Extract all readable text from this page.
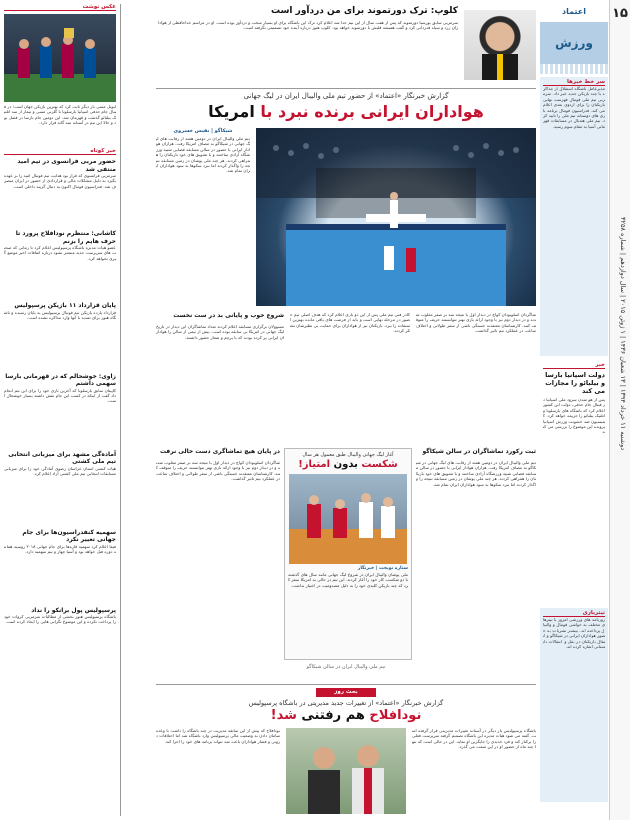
۱۵
دوشنبه ۱۱ خرداد ۱۳۹۴ | ۱۳ شعبان ۱۴۳۶ | ۱ ژوئن ۲۰۱۵ | سال دوازدهم | شماره ۳۲۵۸
اعتماد
ورزش
سر خط خبرها
مدیرعامل باشگاه استقلال از مذاکره با چند بازیکن جدید خبر داد. سرمربی تیم ملی فوتبال فهرست نهایی بازیکنان را برای اردوی بعدی اعلام می کند. فدراسیون فوتبال برنامه بازی های دوستانه تیم ملی را تایید کرد. تیم ملی هندبال در مسابقات قهرمانی آسیا به مقام سوم رسید.
خبر
دولت اسپانیا بارسا و بیلبائو را مجازات می کند
پس از هو شدن سرود ملی اسپانیا در فینال جام حذفی، دولت این کشور اعلام کرد که باشگاه های بارسلونا و اتلتیک بیلبائو را جریمه خواهد کرد. کمیسیون ضد خشونت ورزش اسپانیا پرونده این موضوع را بررسی می کند.
تیتربازی
روزنامه های ورزشی امروز با تیترهای مختلف به حواشی فوتبال و والیبال پرداخته اند. بیشتر نشریات به حضور هواداران ایرانی در شیکاگو و انتقال بازیکنان در نقل و انتقالات تابستانی اشاره کرده اند.
کلوپ: ترک دورتموند برای من دردآور است
سرمربی سابق بورسیا دورتموند که پس از هفت سال از این تیم جدا شد اعلام کرد ترک این باشگاه برای او بسیار سخت و دردآور بوده است. او در مراسم خداحافظی از هواداران زرد و سیاه قدردانی کرد و گفت همیشه قلبش با دورتموند خواهد بود. کلوپ هنوز درباره آینده خود تصمیمی نگرفته است.
گزارش خبرنگار «اعتماد» از حضور تیم ملی والیبال ایران در لیگ جهانی
هواداران ایرانی برنده نبرد با امریکا
شیکاگو | نفیس خسروی
تیم ملی والیبال ایران در دومین هفته از رقابت های لیگ جهانی در شیکاگو به مصاف امریکا رفت. هزاران هوادار ایرانی با حضور در سالن مسابقه فضایی شبیه ورزشگاه آزادی ساختند و با تشویق های خود بازیکنان را همراهی کردند. هر چند ملی پوشان در زمین مسابقه نتیجه را واگذار کردند اما نبرد سکوها به سود هواداران ایران تمام شد.
شاگردان اسلوبودان کواچ در دیدار اول با نتیجه سه بر صفر مغلوب شدند و در دیدار دوم نیز با وجود ارائه بازی بهتر نتوانستند حریف را متوقف کنند. کارشناسان معتقدند خستگی ناشی از سفر طولانی و اختلاف ساعت در عملکرد تیم تاثیر گذاشت.
کادر فنی تیم ملی پس از این دو بازی اعلام کرد که هدف اصلی تیم حضور در مرحله نهایی است و باید از فرصت های باقی مانده بهترین استفاده را ببرد. بازیکنان نیز از هواداران برای حمایت بی نظیرشان تشکر کردند.
شروع خوب و پایانی بد در ست نخست
مسوولان برگزاری مسابقه اعلام کردند تعداد تماشاگران این دیدار در تاریخ لیگ جهانی در امریکا بی سابقه بوده است. بیش از نیمی از سالن را هواداران ایرانی پر کرده بودند که با پرچم و شعار حضور داشتند.
آغاز لیگ جهانی والیبال طبق معمول هر سال
شکست بدون امتیاز!
ستاره نوبخت | خبرنگار
ملی پوشان والیبال ایران در شروع لیگ جهانی مانند سال های گذشته با دو شکست کار خود را آغاز کردند. این تیم در حالی به امریکا سفر کرد که چند بازیکن کلیدی خود را به دلیل مصدومیت در اختیار نداشت.
ثبت رکورد تماشاگران در سالن شیکاگو
تیم ملی والیبال ایران در دومین هفته از رقابت های لیگ جهانی در شیکاگو به مصاف امریکا رفت. هزاران هوادار ایرانی با حضور در سالن مسابقه فضایی شبیه ورزشگاه آزادی ساختند و با تشویق های خود بازیکنان را همراهی کردند. هر چند ملی پوشان در زمین مسابقه نتیجه را واگذار کردند اما نبرد سکوها به سود هواداران ایران تمام شد.
در پایان هیچ تماشاگری دست خالی نرفت
شاگردان اسلوبودان کواچ در دیدار اول با نتیجه سه بر صفر مغلوب شدند و در دیدار دوم نیز با وجود ارائه بازی بهتر نتوانستند حریف را متوقف کنند. کارشناسان معتقدند خستگی ناشی از سفر طولانی و اختلاف ساعت در عملکرد تیم تاثیر گذاشت.
تیم ملی والیبال ایران در سالن شیکاگو
بحث روز
گزارش خبرنگار «اعتماد» از تغییرات جدید مدیریتی در باشگاه پرسپولیس
نودافلاح هم رفتنی شد!
باشگاه پرسپولیس بار دیگر در آستانه تغییرات مدیریتی قرار گرفته است. گفته می شود هیات مدیره این باشگاه تصمیم گرفته سرپرست فعلی را برکنار کند و فرد جدیدی را جایگزین او نماید. این در حالی است که تنها چند ماه از حضور او در این سمت می گذرد.
نودافلاح که پیش از این سابقه مدیریت در چند باشگاه را داشت با وعده سامان دادن به وضعیت مالی پرسپولیس وارد باشگاه شد اما اختلافات درونی و فشار هواداران باعث شد نتواند برنامه های خود را اجرا کند.
عکس نوشت
لیونل مسی بار دیگر ثابت کرد که بهترین بازیکن جهان است؛ در فینال جام حذفی اسپانیا بارسلونا با گلزنی مسی و نیمار از سد اتلتیک بیلبائو گذشت و قهرمان شد. این دومین جام بارسا در فصل بود و حالا این تیم در آستانه سه گانه قرار دارد.
خبر کوتاه
حضور مربی فرانسوی در تیم امید منتفی شد
سرمربی فرانسوی که قرار بود هدایت تیم فوتبال امید را بر عهده بگیرد به دلیل مشکلات مالی و قراردادی از حضور در ایران منصرف شد. فدراسیون فوتبال اکنون به دنبال گزینه داخلی است.
کاشانی: منتظرم نودافلاح پرورد تا حرف هایم را بزنم
عضو هیات مدیره باشگاه پرسپولیس اعلام کرد تا زمانی که صحبت های سرپرست جدید منتشر نشود درباره اتفاقات اخیر موضع گیری نخواهد کرد.
پایان قرارداد ۱۱ بازیکن پرسپولیس
قرارداد یازده بازیکن تیم فوتبال پرسپولیس به پایان رسیده و باشگاه هنوز برای تمدید با آنها وارد مذاکره نشده است.
زاوی: خوشحالم که در قهرمانی بارسا سهمی داشتم
کاپیتان سابق بارسلونا که آخرین بازی خود را برای این تیم انجام داد گفت از اینکه در کسب این جام نقش داشته بسیار خوشحال است.
آماده‌گی مشهد برای میزبانی انتخابی تیم ملی کشتی
هیات کشتی استان خراسان رضوی آمادگی خود را برای میزبانی مسابقات انتخابی تیم ملی کشتی آزاد اعلام کرد.
سهمیه کنفدراسیون‌ها برای جام جهانی تغییر نکرد
فیفا اعلام کرد سهمیه قاره‌ها برای جام جهانی ۲۰۱۸ روسیه همانند دوره قبل خواهد بود و آسیا چهار و نیم سهمیه دارد.
پرسپولیس پول برانکو را نداد
باشگاه پرسپولیس هنوز بخشی از مطالبات سرمربی کروات خود را پرداخت نکرده و این موضوع نگرانی هایی را ایجاد کرده است.
